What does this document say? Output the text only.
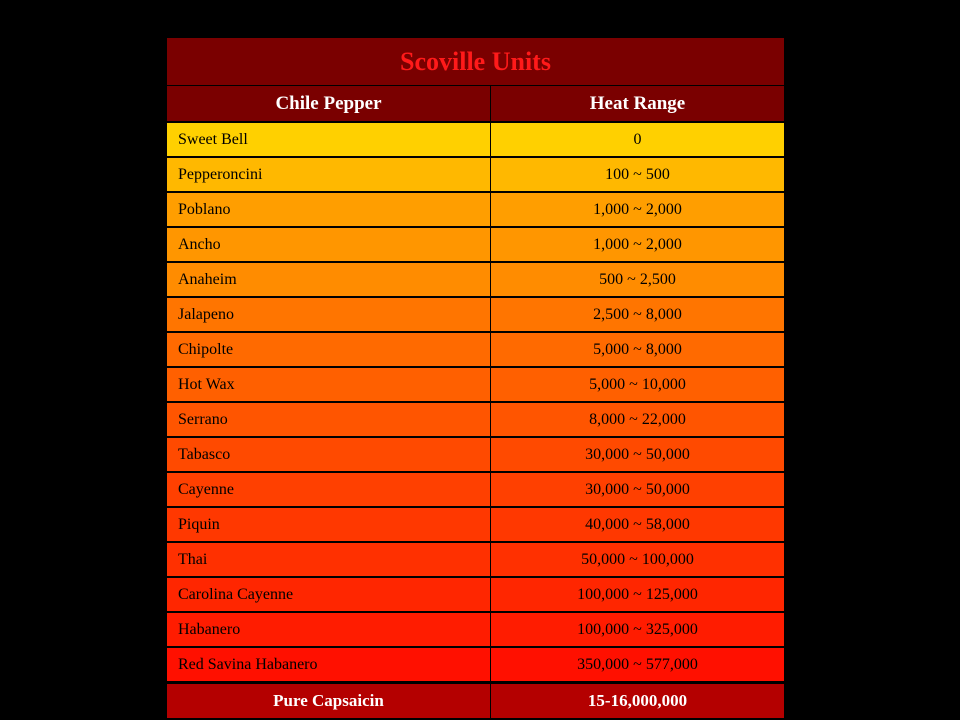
Scoville Units
Chile Pepper	Heat Range
Sweet Bell	0
Pepperoncini	100 ~ 500
Poblano	1,000 ~ 2,000
Ancho	1,000 ~ 2,000
Anaheim	500 ~ 2,500
Jalapeno	2,500 ~ 8,000
Chipolte	5,000 ~ 8,000
Hot Wax	5,000 ~ 10,000
Serrano	8,000 ~ 22,000
Tabasco	30,000 ~ 50,000
Cayenne	30,000 ~ 50,000
Piquin	40,000 ~ 58,000
Thai	50,000 ~ 100,000
Carolina Cayenne	100,000 ~ 125,000
Habanero	100,000 ~ 325,000
Red Savina Habanero	350,000 ~ 577,000
Pure Capsaicin	15-16,000,000
